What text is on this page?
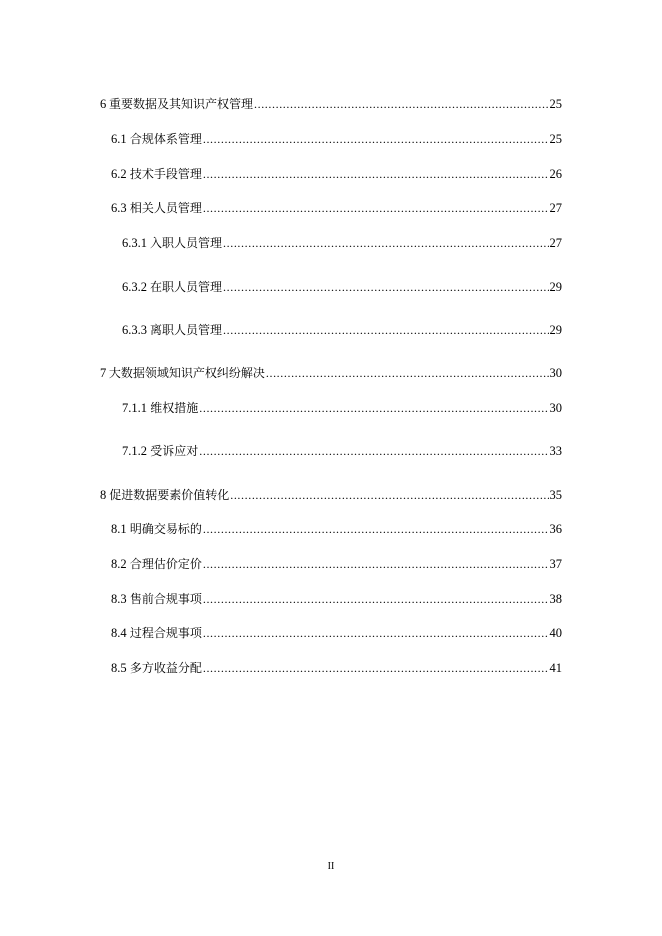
6 重要数据及其知识产权管理 .....	25
6.1 合规体系管理 .....	25
6.2 技术手段管理 .....	26
6.3 相关人员管理 .....	27
6.3.1 入职人员管理 .....	27
6.3.2 在职人员管理 .....	29
6.3.3 离职人员管理 .....	29
7 大数据领域知识产权纠纷解决 .....	30
7.1.1 维权措施 .....	30
7.1.2 受诉应对 .....	33
8 促进数据要素价值转化 .....	35
8.1 明确交易标的 .....	36
8.2 合理估价定价 .....	37
8.3 售前合规事项 .....	38
8.4 过程合规事项 .....	40
8.5 多方收益分配 .....	41
II
